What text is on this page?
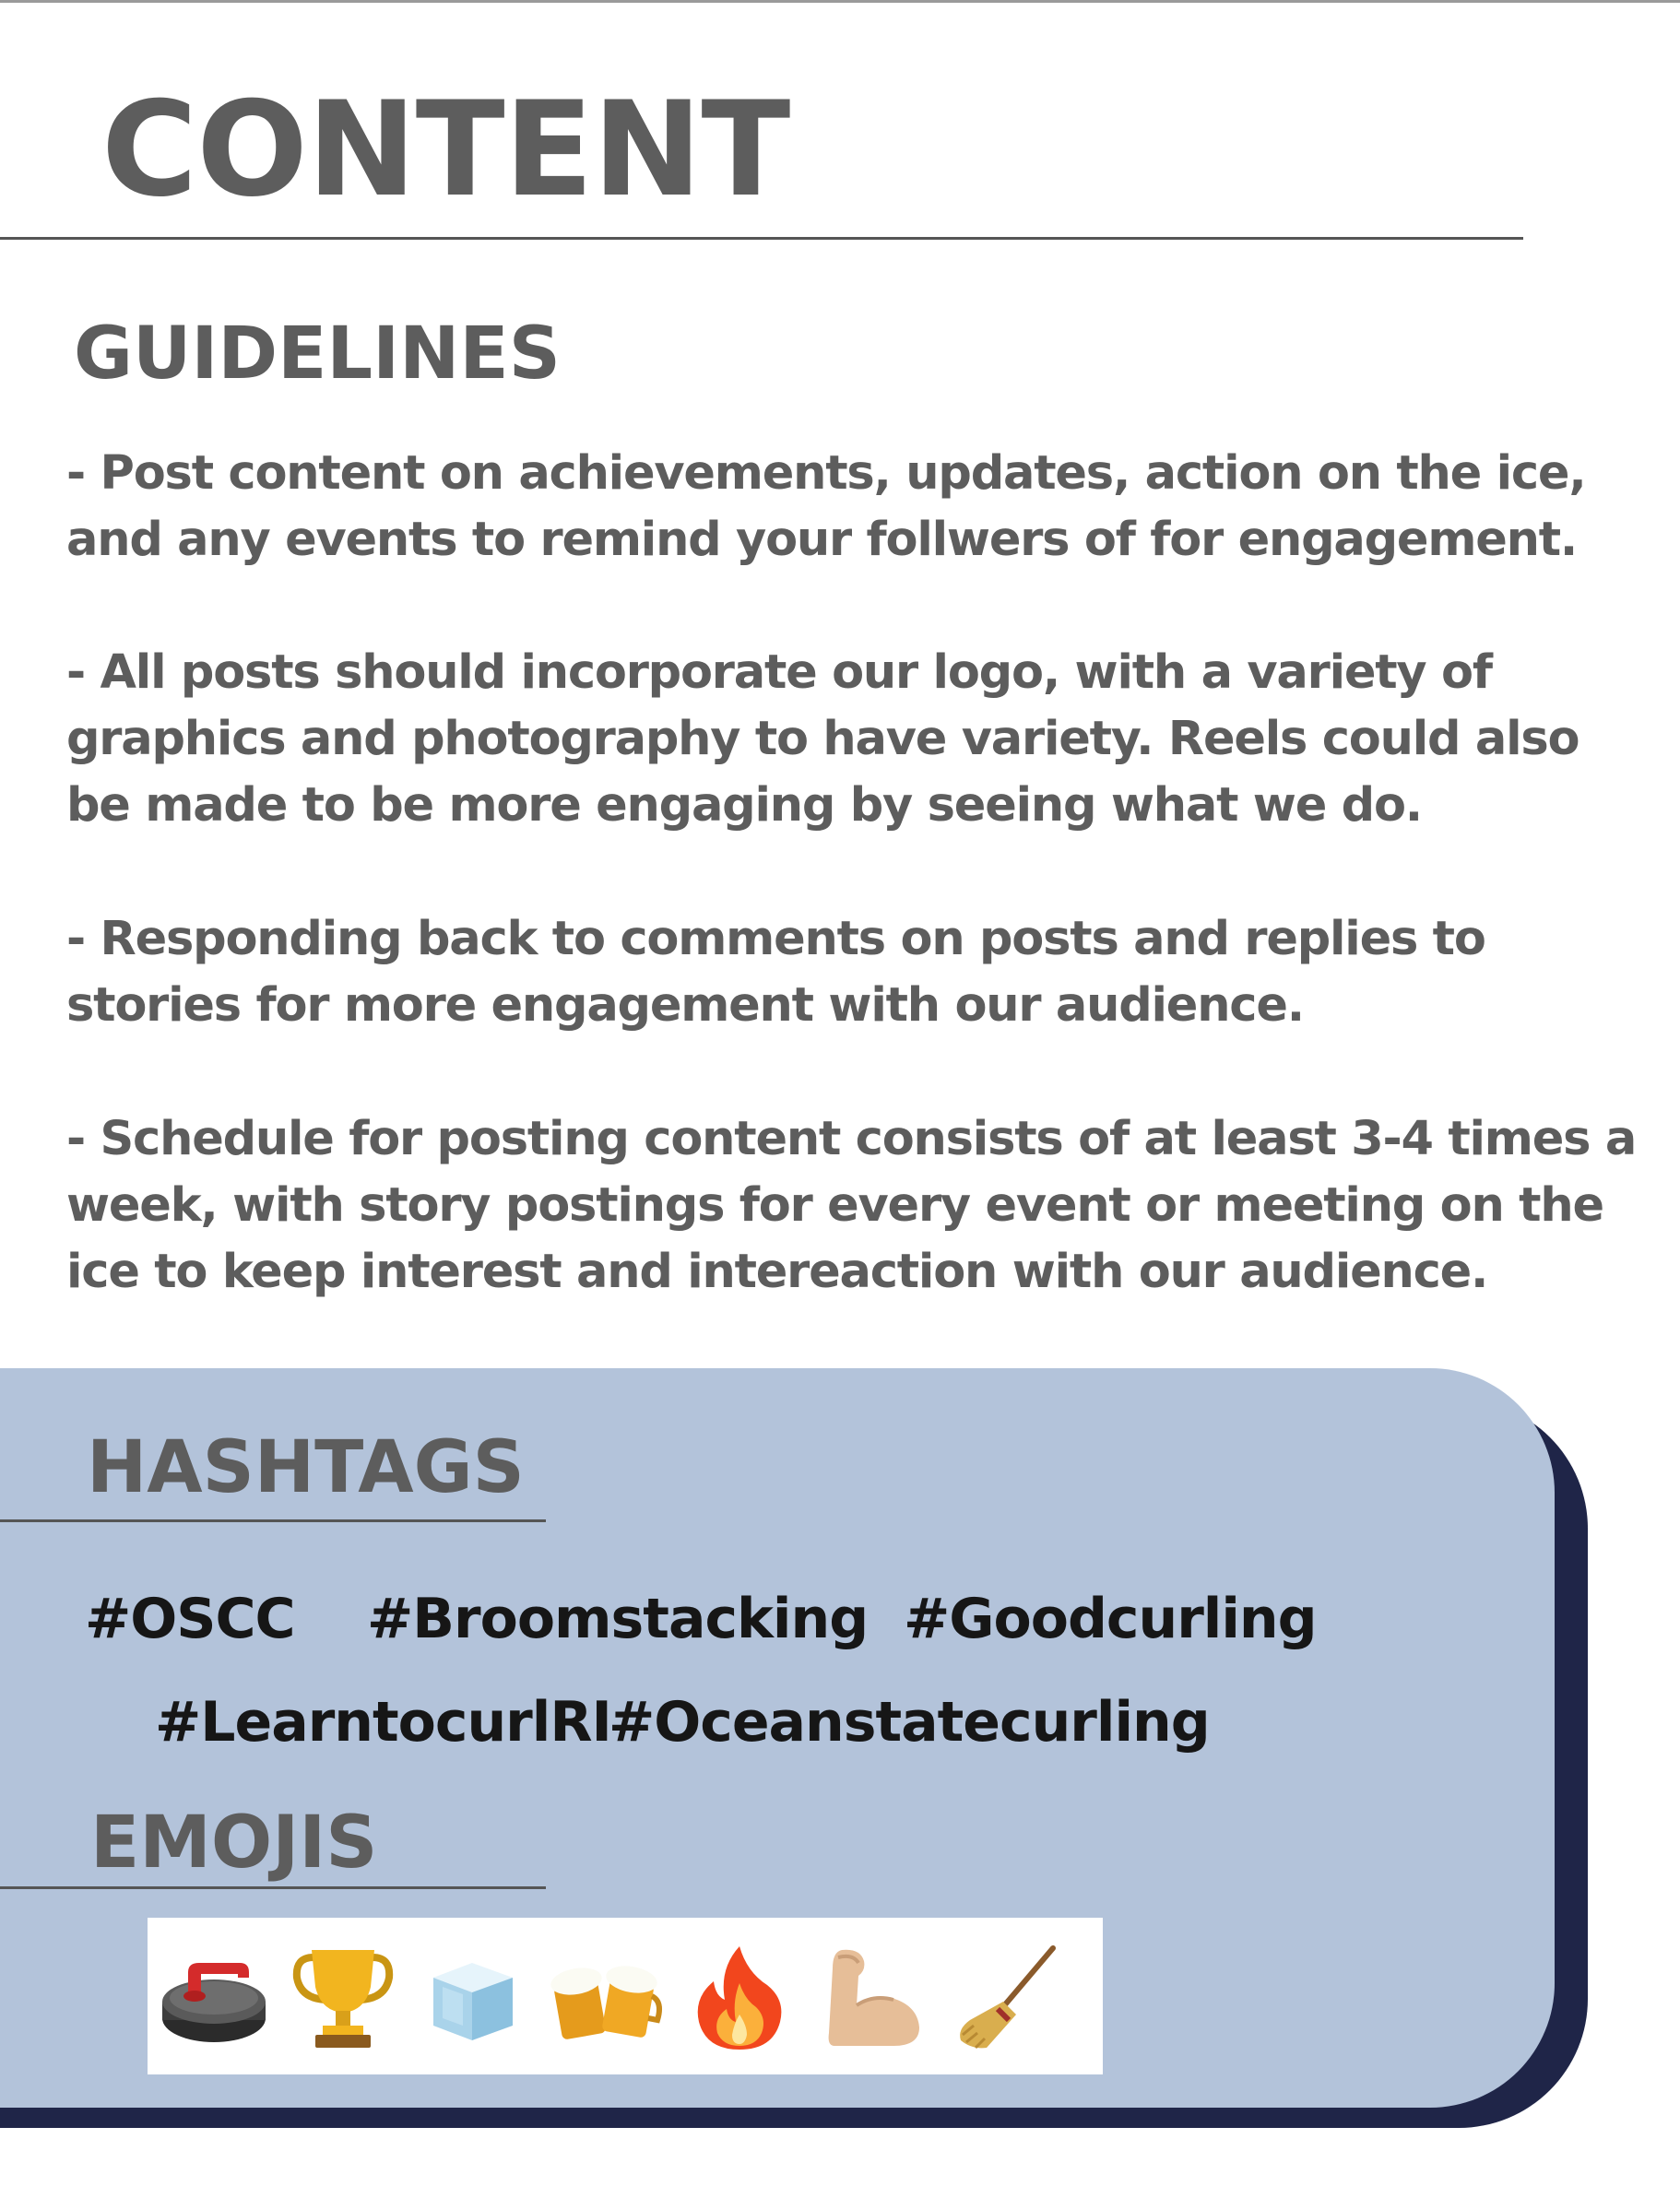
CONTENT
GUIDELINES

- Post content on achievements, updates, action on the ice, and any events to remind your follwers of for engagement.

- All posts should incorporate our logo, with a variety of graphics and photography to have variety. Reels could also be made to be more engaging by seeing what we do.

- Responding back to comments on posts and replies to stories for more engagement with our audience.

- Schedule for posting content consists of at least 3-4 times a week, with story postings for every event or meeting on the ice to keep interest and intereaction with our audience.

HASHTAGS
#OSCC #Broomstacking #Goodcurling
#LearntocurlRI
#Oceanstatecurling
EMOJIS
